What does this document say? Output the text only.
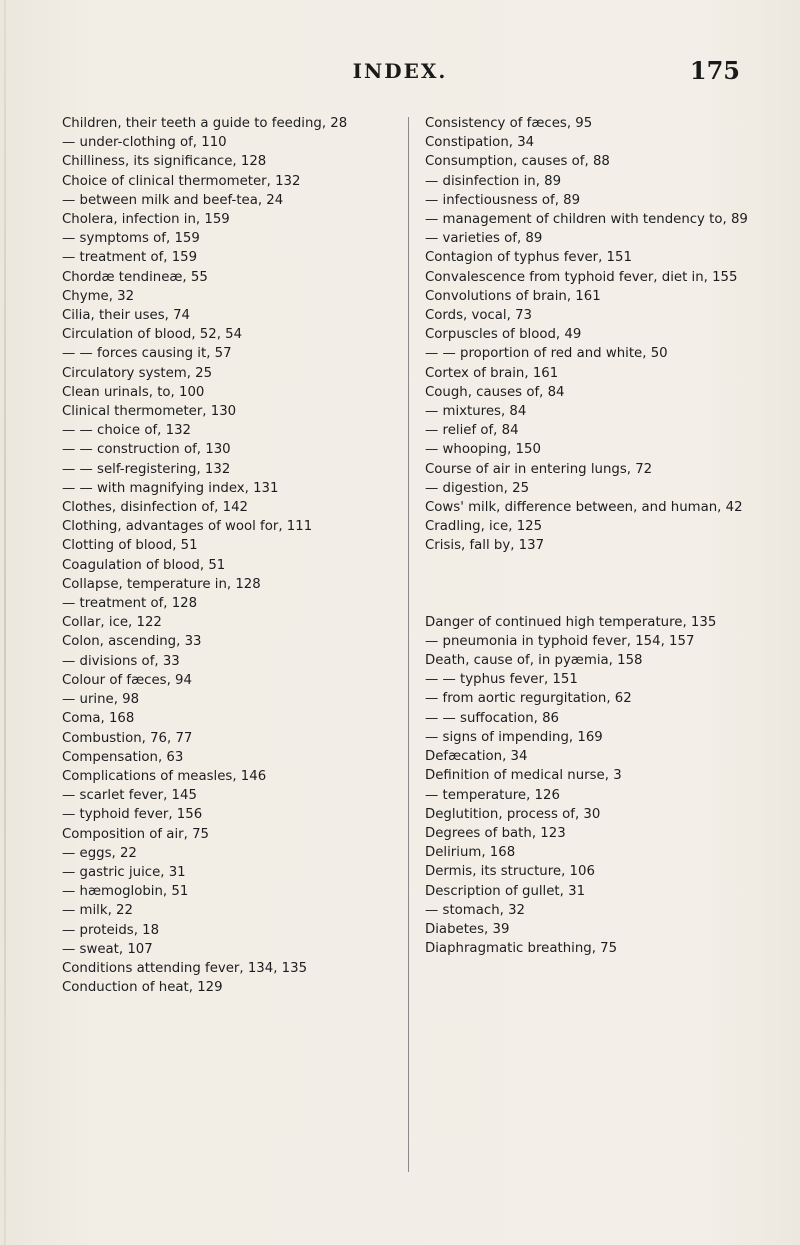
INDEX.	175
Children, their teeth a guide to feeding, 28
— under-clothing of, 110
Chilliness, its significance, 128
Choice of clinical thermometer, 132
— between milk and beef-tea, 24
Cholera, infection in, 159
— symptoms of, 159
— treatment of, 159
Chordæ tendineæ, 55
Chyme, 32
Cilia, their uses, 74
Circulation of blood, 52, 54
— — forces causing it, 57
Circulatory system, 25
Clean urinals, to, 100
Clinical thermometer, 130
— — choice of, 132
— — construction of, 130
— — self-registering, 132
— — with magnifying index, 131
Clothes, disinfection of, 142
Clothing, advantages of wool for, 111
Clotting of blood, 51
Coagulation of blood, 51
Collapse, temperature in, 128
— treatment of, 128
Collar, ice, 122
Colon, ascending, 33
— divisions of, 33
Colour of fæces, 94
— urine, 98
Coma, 168
Combustion, 76, 77
Compensation, 63
Complications of measles, 146
— scarlet fever, 145
— typhoid fever, 156
Composition of air, 75
— eggs, 22
— gastric juice, 31
— hæmoglobin, 51
— milk, 22
— proteids, 18
— sweat, 107
Conditions attending fever, 134, 135
Conduction of heat, 129
Consistency of fæces, 95
Constipation, 34
Consumption, causes of, 88
— disinfection in, 89
— infectiousness of, 89
— management of children with tendency to, 89
— varieties of, 89
Contagion of typhus fever, 151
Convalescence from typhoid fever, diet in, 155
Convolutions of brain, 161
Cords, vocal, 73
Corpuscles of blood, 49
— — proportion of red and white, 50
Cortex of brain, 161
Cough, causes of, 84
— mixtures, 84
— relief of, 84
— whooping, 150
Course of air in entering lungs, 72
— digestion, 25
Cows' milk, difference between, and human, 42
Cradling, ice, 125
Crisis, fall by, 137
Danger of continued high temperature, 135
— pneumonia in typhoid fever, 154, 157
Death, cause of, in pyæmia, 158
— — typhus fever, 151
— from aortic regurgitation, 62
— — suffocation, 86
— signs of impending, 169
Defæcation, 34
Definition of medical nurse, 3
— temperature, 126
Deglutition, process of, 30
Degrees of bath, 123
Delirium, 168
Dermis, its structure, 106
Description of gullet, 31
— stomach, 32
Diabetes, 39
Diaphragmatic breathing, 75
